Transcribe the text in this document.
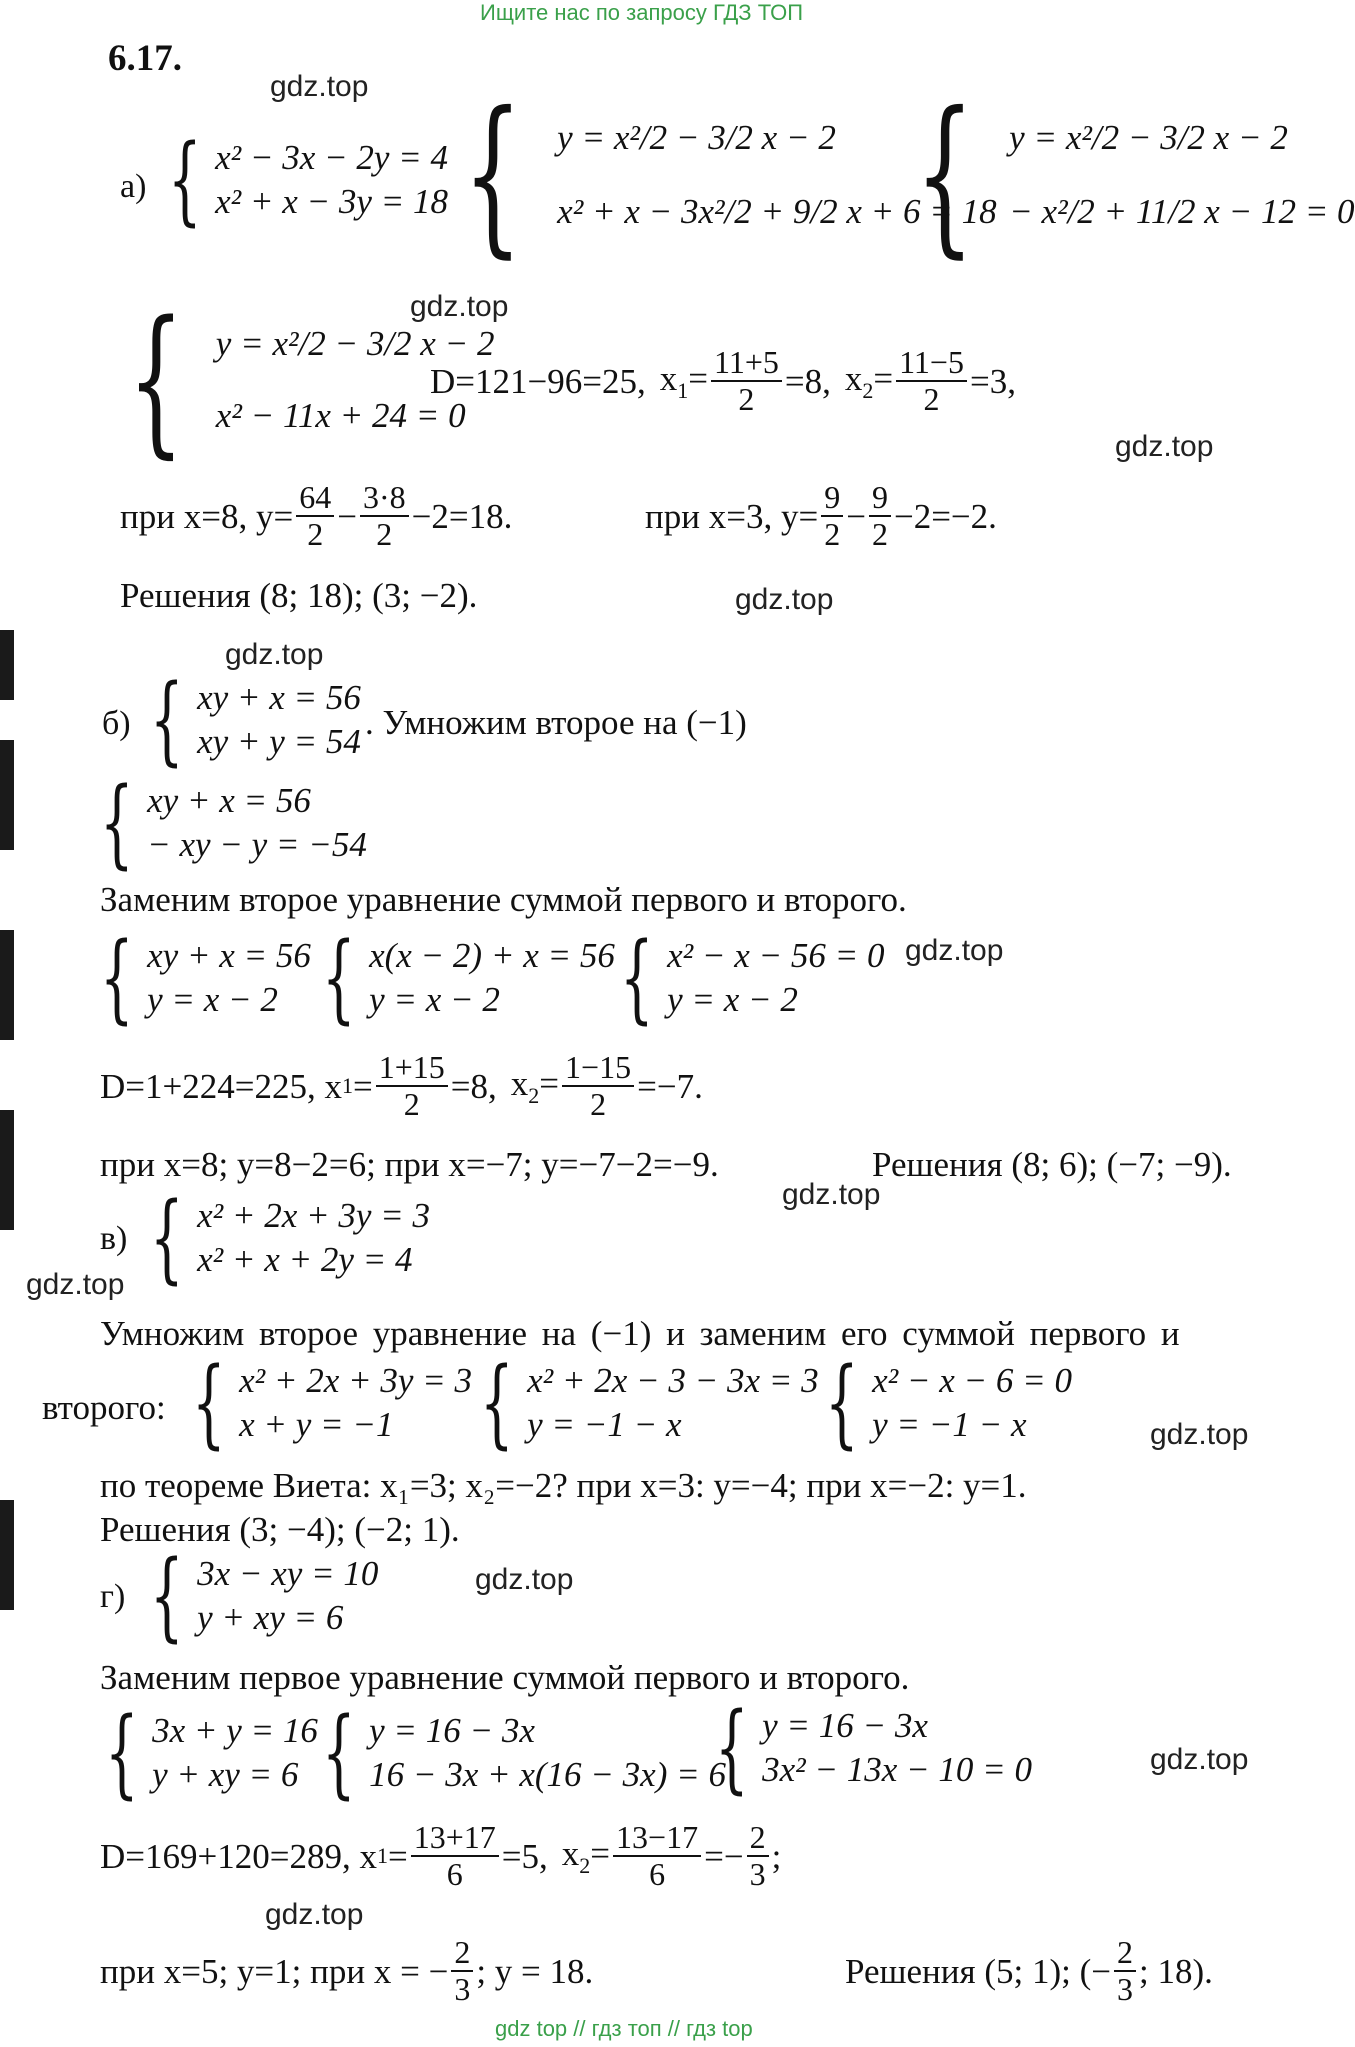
Ищите нас по запросу ГДЗ ТОП
6.17.
gdz.top
gdz.top
gdz.top
gdz.top
gdz.top
gdz.top
gdz.top
gdz.top
gdz.top
gdz.top
gdz.top
gdz.top
а) { x² − 3x − 2y = 4
x² + x − 3y = 18 { y = x²/2 − 3/2 x − 2
x² + x − 3x²/2 + 9/2 x + 6 = 18
{ y = x²/2 − 3/2 x − 2
− x²/2 + 11/2 x − 12 = 0
{ y = x²/2 − 3/2 x − 2
x² − 11x + 24 = 0
D=121−96=25, $x_1= \frac{11+5}{2} =8$, $x_2= \frac{11-5}{2} =3$,
при x=8, $y= \frac{64}{2} - \frac{3\cdot 8}{2} -2=18$.	при x=3, $y= \frac{9}{2} - \frac{9}{2} -2=-2$.
Решения (8; 18); (3; −2).
б) { xy + x = 56
xy + y = 54 . Умножим второе на (−1)
{ xy + x = 56
− xy − y = −54
Заменим второе уравнение суммой первого и второго.
{ xy + x = 56
y = x − 2 { x(x − 2) + x = 56
y = x − 2	{ x² − x − 56 = 0
y = x − 2
D=1+224=225, x $1 = \frac{1+15}{2} =8$, $x_2= \frac{1-15}{2} =-7$.
при x=8; y=8−2=6; при x=−7; y=−7−2=−9.	Решения (8; 6); (−7; −9).
в) { x² + 2x + 3y = 3
x² + x + 2y = 4
Умножим второе уравнение на (−1) и заменим его суммой первого и
второго: { x² + 2x + 3y = 3
x + y = −1 { x² + 2x − 3 − 3x = 3
y = −1 − x	{ x² − x − 6 = 0
y = −1 − x
по теореме Виета: x₁=3; x₂=−2? при x=3: y=−4; при x=−2: y=1.
Решения (3; −4); (−2; 1).
г) { 3x − xy = 10
y + xy = 6
Заменим первое уравнение суммой первого и второго.
{ 3x + y = 16
y + xy = 6 { y = 16 − 3x
16 − 3x + x(16 − 3x) = 6
{ y = 16 − 3x
3x² − 13x − 10 = 0
D=169+120=289, x $1 = \frac{13+17}{6} =5$, $x_2= \frac{13-17}{6} =- \frac{2}{3}$ ;
при x=5; y=1; при x = − $\frac{2}{3}$ ; y = 18.	Решения (5; 1); (− $\frac{2}{3}$ ; 18).
gdz top // гдз топ // гдз top
